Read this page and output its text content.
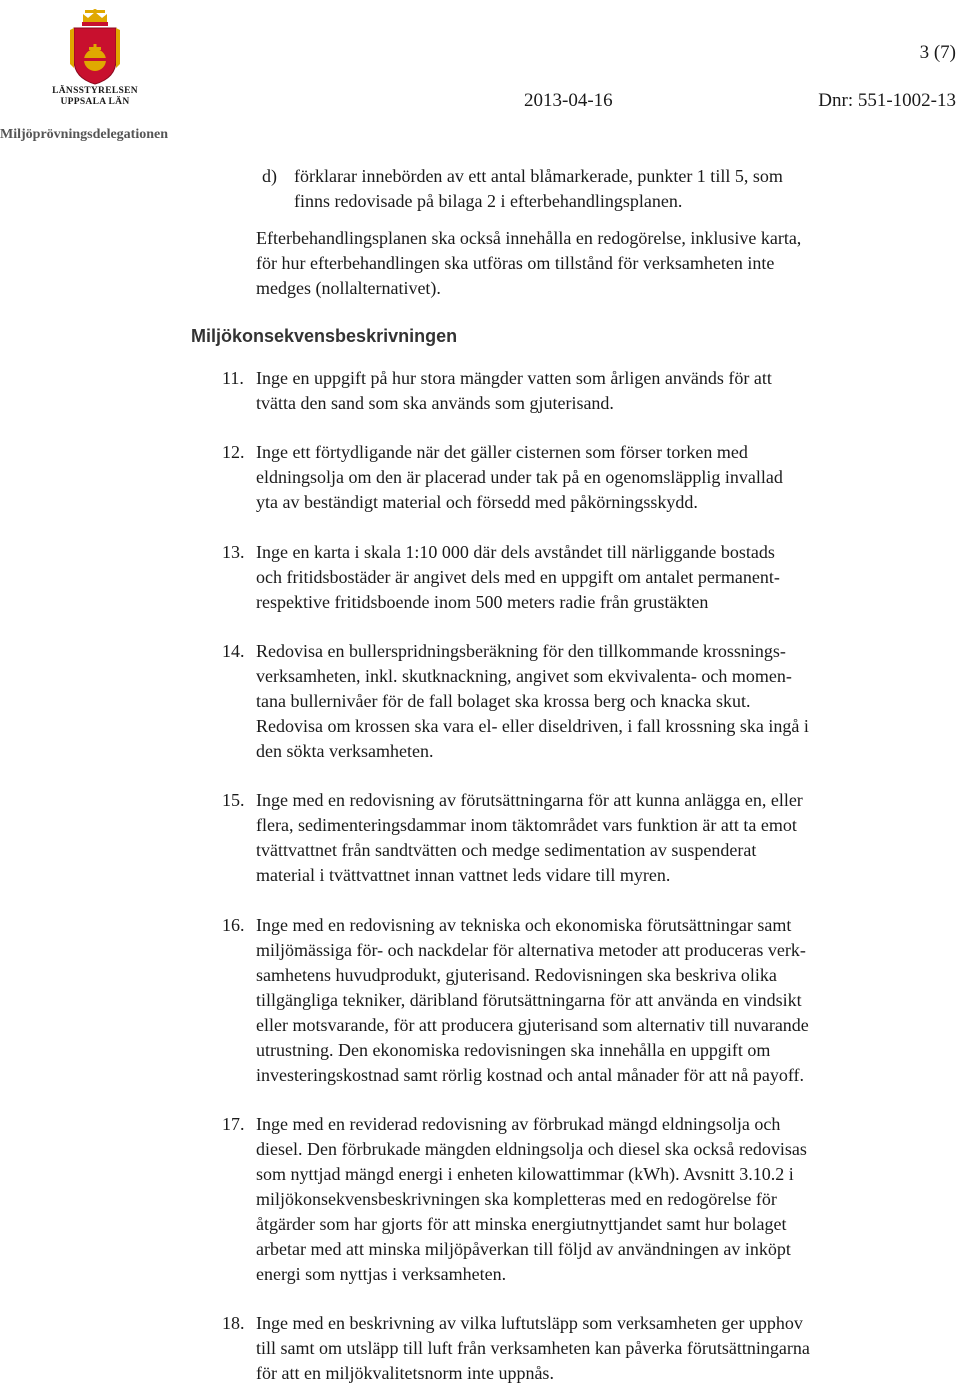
LÄNSSTYRELSEN
UPPSALA LÄN
Miljöprövningsdelegationen
3 (7)
2013-04-16	Dnr: 551-1002-13
d) förklarar innebörden av ett antal blåmarkerade, punkter 1 till 5, som
finns redovisade på bilaga 2 i efterbehandlingsplanen.
Efterbehandlingsplanen ska också innehålla en redogörelse, inklusive karta,
för hur efterbehandlingen ska utföras om tillstånd för verksamheten inte
medges (nollalternativet).
Miljökonsekvensbeskrivningen
11. Inge en uppgift på hur stora mängder vatten som årligen används för att
tvätta den sand som ska används som gjuterisand.
12. Inge ett förtydligande när det gäller cisternen som förser torken med
eldningsolja om den är placerad under tak på en ogenomsläpplig invallad
yta av beständigt material och försedd med påkörningsskydd.
13. Inge en karta i skala 1:10 000 där dels avståndet till närliggande bostads
och fritidsbostäder är angivet dels med en uppgift om antalet permanent-
respektive fritidsboende inom 500 meters radie från grustäkten
14. Redovisa en bullerspridningsberäkning för den tillkommande krossnings-
verksamheten, inkl. skutknackning, angivet som ekvivalenta- och momen-
tana bullernivåer för de fall bolaget ska krossa berg och knacka skut.
Redovisa om krossen ska vara el- eller diseldriven, i fall krossning ska ingå i
den sökta verksamheten.
15. Inge med en redovisning av förutsättningarna för att kunna anlägga en, eller
flera, sedimenteringsdammar inom täktområdet vars funktion är att ta emot
tvättvattnet från sandtvätten och medge sedimentation av suspenderat
material i tvättvattnet innan vattnet leds vidare till myren.
16. Inge med en redovisning av tekniska och ekonomiska förutsättningar samt
miljömässiga för- och nackdelar för alternativa metoder att produceras verk-
samhetens huvudprodukt, gjuterisand. Redovisningen ska beskriva olika
tillgängliga tekniker, däribland förutsättningarna för att använda en vindsikt
eller motsvarande, för att producera gjuterisand som alternativ till nuvarande
utrustning. Den ekonomiska redovisningen ska innehålla en uppgift om
investeringskostnad samt rörlig kostnad och antal månader för att nå payoff.
17. Inge med en reviderad redovisning av förbrukad mängd eldningsolja och
diesel. Den förbrukade mängden eldningsolja och diesel ska också redovisas
som nyttjad mängd energi i enheten kilowattimmar (kWh). Avsnitt 3.10.2 i
miljökonsekvensbeskrivningen ska kompletteras med en redogörelse för
åtgärder som har gjorts för att minska energiutnyttjandet samt hur bolaget
arbetar med att minska miljöpåverkan till följd av användningen av inköpt
energi som nyttjas i verksamheten.
18. Inge med en beskrivning av vilka luftutsläpp som verksamheten ger upphov
till samt om utsläpp till luft från verksamheten kan påverka förutsättningarna
för att en miljökvalitetsnorm inte uppnås.
